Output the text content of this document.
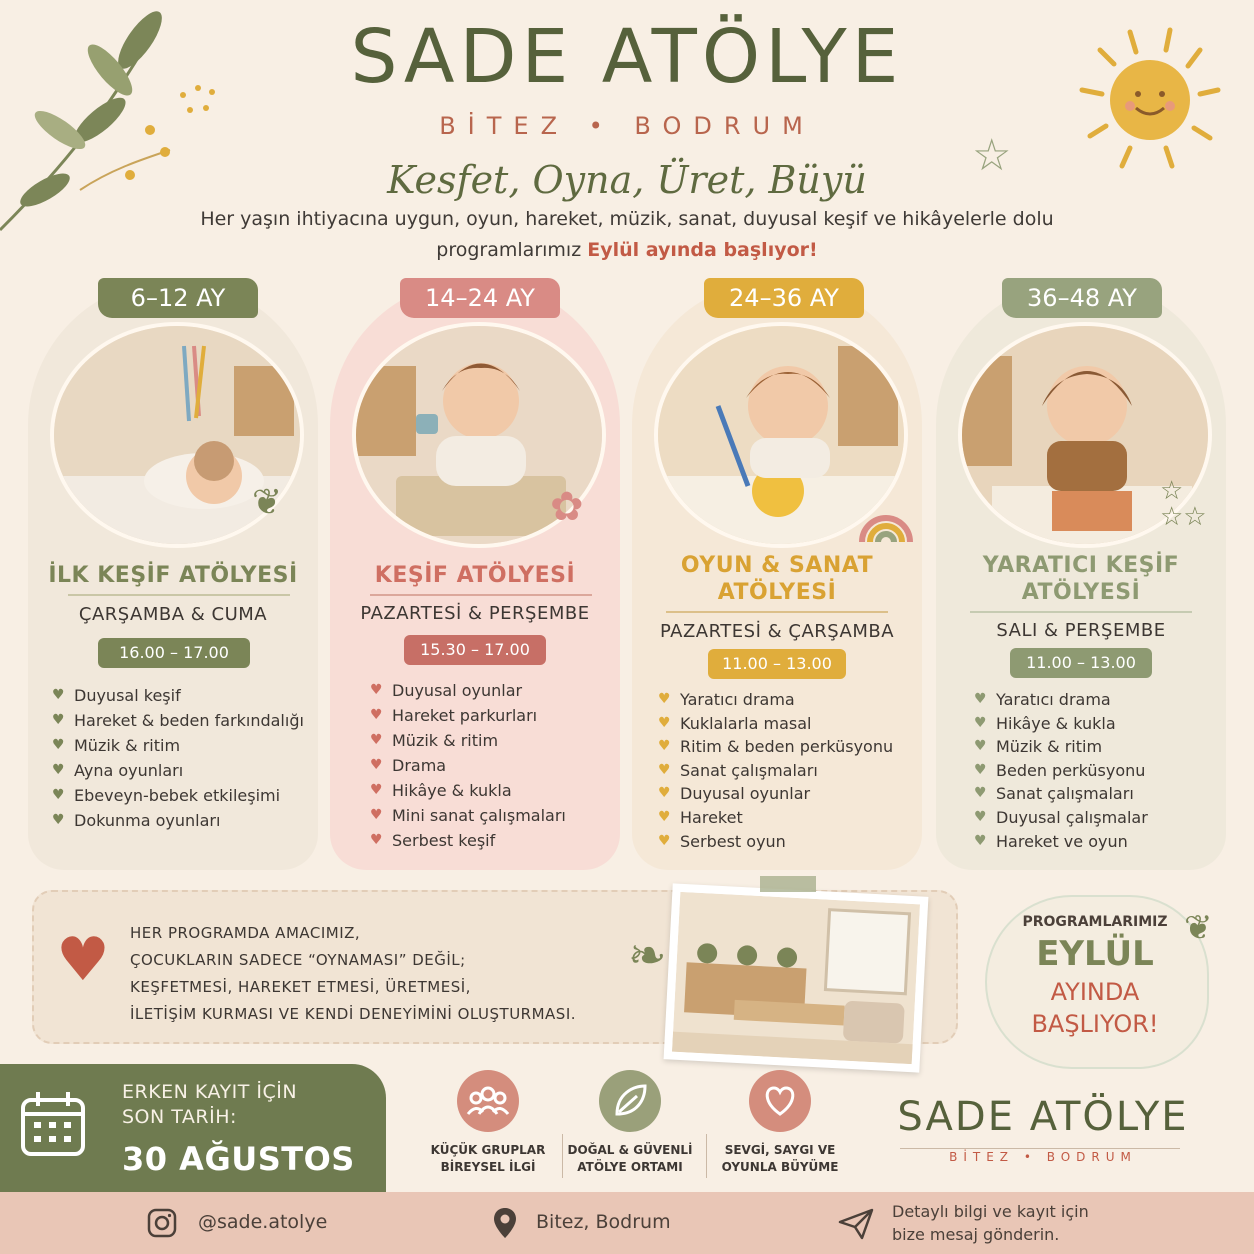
☆
SADE ATÖLYE
BİTEZ • BODRUM
Kesfet, Oyna, Üret, Büyü
Her yaşın ihtiyacına uygun, oyun, hareket, müzik, sanat, duyusal keşif ve hikâyelerle dolu programlarımız Eylül ayında başlıyor!
6–12 AY	14–24 AY	24–36 AY	36–48 AY
✿	☆
☆☆
❦
İLK KEŞİF ATÖLYESİ
ÇARŞAMBA & CUMA
16.00 – 17.00
♥ Duyusal keşif
♥ Hareket & beden farkındalığı
♥ Müzik & ritim
♥ Ayna oyunları
♥ Ebeveyn-bebek etkileşimi
♥ Dokunma oyunları
KEŞİF ATÖLYESİ
PAZARTESİ & PERŞEMBE
15.30 – 17.00
♥ Duyusal oyunlar
♥ Hareket parkurları
♥ Müzik & ritim
♥ Drama
♥ Hikâye & kukla
♥ Mini sanat çalışmaları
♥ Serbest keşif
OYUN & SANAT
ATÖLYESİ
PAZARTESİ & ÇARŞAMBA
11.00 – 13.00
♥ Yaratıcı drama
♥ Kuklalarla masal
♥ Ritim & beden perküsyonu
♥ Sanat çalışmaları
♥ Duyusal oyunlar
♥ Hareket
♥ Serbest oyun
YARATICI KEŞİF
ATÖLYESİ
SALI & PERŞEMBE
11.00 – 13.00
♥ Yaratıcı drama
♥ Hikâye & kukla
♥ Müzik & ritim
♥ Beden perküsyonu
♥ Sanat çalışmaları
♥ Duyusal çalışmalar
♥ Hareket ve oyun
♥ HER PROGRAMDA AMACIMIZ,
ÇOCUKLARIN SADECE “OYNAMASI” DEĞİL;
KEŞFETMESİ, HAREKET ETMESİ, ÜRETMESİ,
İLETİŞİM KURMASI VE KENDİ DENEYİMİNİ OLUŞTURMASI.
❧
PROGRAMLARIMIZ
EYLÜL
AYINDA
BAŞLIYOR!
❦
ERKEN KAYIT İÇİN
SON TARİH:
30 AĞUSTOS	KÜÇÜK GRUPLAR
BİREYSEL İLGİ
DOĞAL & GÜVENLİ
ATÖLYE ORTAMI
SEVGİ, SAYGI VE
OYUNLA BÜYÜME
SADE ATÖLYE
BİTEZ • BODRUM
@sade.atolye	Bitez, Bodrum	Detaylı bilgi ve kayıt için
bize mesaj gönderin.
